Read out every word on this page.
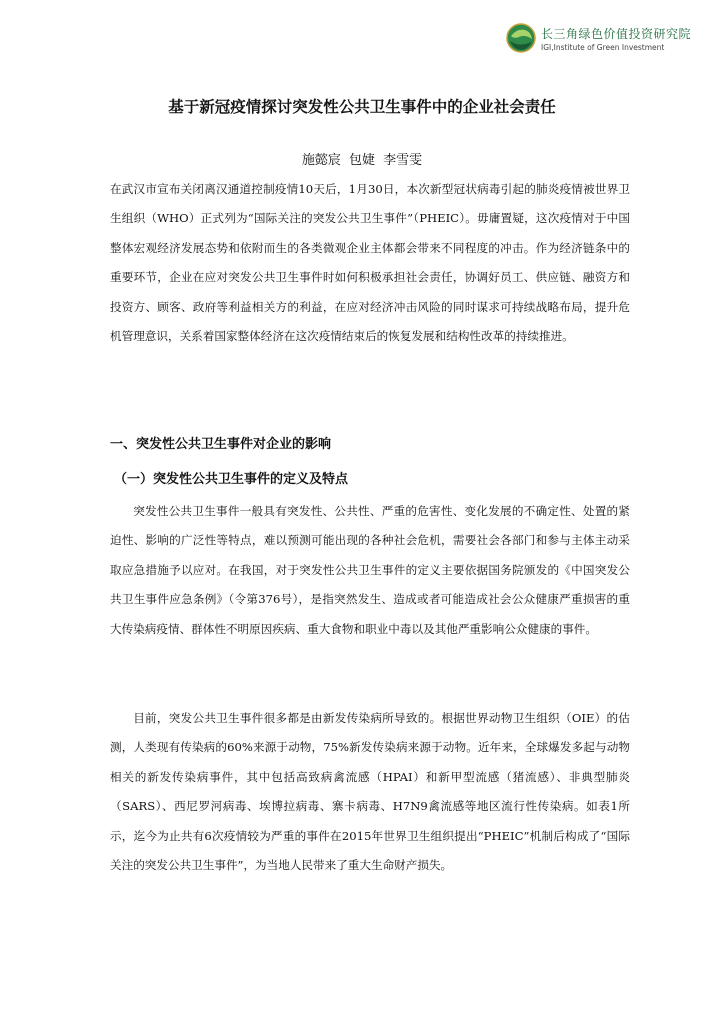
长三角绿色价值投资研究院
IGI,Institute of Green Investment
基于新冠疫情探讨突发性公共卫生事件中的企业社会责任
施懿宸 包婕 李雪雯

在武汉市宣布关闭离汉通道控制疫情10天后，1月30日，本次新型冠状病毒引起的肺炎疫情被世界卫生组织（WHO）正式列为“国际关注的突发公共卫生事件”（PHEIC）。毋庸置疑，这次疫情对于中国整体宏观经济发展态势和依附而生的各类微观企业主体都会带来不同程度的冲击。作为经济链条中的重要环节，企业在应对突发公共卫生事件时如何积极承担社会责任，协调好员工、供应链、融资方和投资方、顾客、政府等利益相关方的利益，在应对经济冲击风险的同时谋求可持续战略布局，提升危机管理意识，关系着国家整体经济在这次疫情结束后的恢复发展和结构性改革的持续推进。

一、突发性公共卫生事件对企业的影响
（一）突发性公共卫生事件的定义及特点

突发性公共卫生事件一般具有突发性、公共性、严重的危害性、变化发展的不确定性、处置的紧迫性、影响的广泛性等特点，难以预测可能出现的各种社会危机，需要社会各部门和参与主体主动采取应急措施予以应对。在我国，对于突发性公共卫生事件的定义主要依据国务院颁发的《中国突发公共卫生事件应急条例》（令第376号），是指突然发生、造成或者可能造成社会公众健康严重损害的重大传染病疫情、群体性不明原因疾病、重大食物和职业中毒以及其他严重影响公众健康的事件。

目前，突发公共卫生事件很多都是由新发传染病所导致的。根据世界动物卫生组织（OIE）的估测，人类现有传染病的60%来源于动物，75%新发传染病来源于动物。近年来，全球爆发多起与动物相关的新发传染病事件，其中包括高致病禽流感（HPAI）和新甲型流感（猪流感）、非典型肺炎（SARS）、西尼罗河病毒、埃博拉病毒、寨卡病毒、H7N9禽流感等地区流行性传染病。如表1所示，迄今为止共有6次疫情较为严重的事件在2015年世界卫生组织提出“PHEIC”机制后构成了“国际关注的突发公共卫生事件”，为当地人民带来了重大生命财产损失。
